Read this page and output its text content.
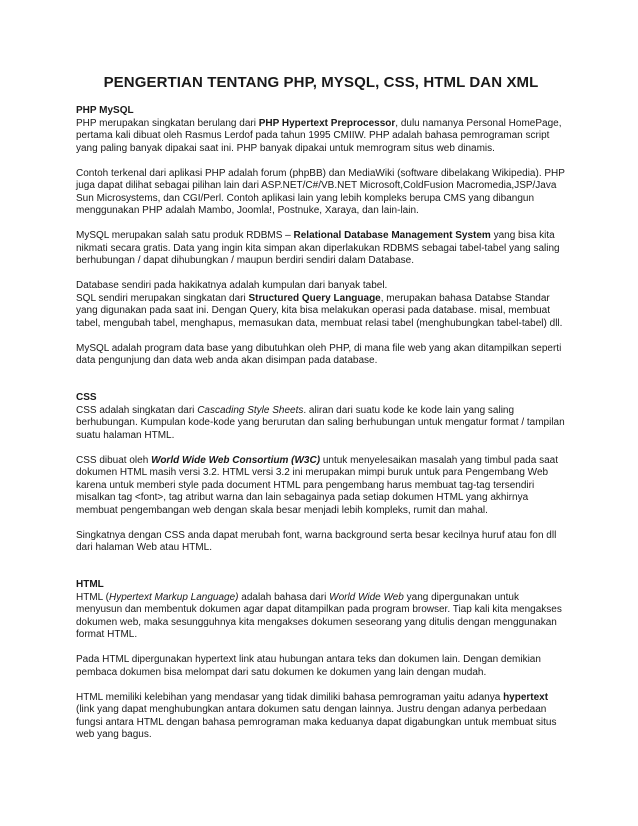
PENGERTIAN TENTANG PHP, MYSQL, CSS, HTML DAN XML
PHP MySQL

PHP merupakan singkatan berulang dari PHP Hypertext Preprocessor, dulu namanya Personal HomePage, pertama kali dibuat oleh Rasmus Lerdof pada tahun 1995 CMIIW. PHP adalah bahasa pemrograman script yang paling banyak dipakai saat ini. PHP banyak dipakai untuk memrogram situs web dinamis.

Contoh terkenal dari aplikasi PHP adalah forum (phpBB) dan MediaWiki (software dibelakang Wikipedia). PHP juga dapat dilihat sebagai pilihan lain dari ASP.NET/C#/VB.NET Microsoft,ColdFusion Macromedia,JSP/Java Sun Microsystems, dan CGI/Perl. Contoh aplikasi lain yang lebih kompleks berupa CMS yang dibangun menggunakan PHP adalah Mambo, Joomla!, Postnuke, Xaraya, dan lain-lain.

MySQL merupakan salah satu produk RDBMS – Relational Database Management System yang bisa kita nikmati secara gratis. Data yang ingin kita simpan akan diperlakukan RDBMS sebagai tabel-tabel yang saling berhubungan / dapat dihubungkan / maupun berdiri sendiri dalam Database.

Database sendiri pada hakikatnya adalah kumpulan dari banyak tabel.
SQL sendiri merupakan singkatan dari Structured Query Language, merupakan bahasa Databse Standar yang digunakan pada saat ini. Dengan Query, kita bisa melakukan operasi pada database. misal, membuat tabel, mengubah tabel, menghapus, memasukan data, membuat relasi tabel (menghubungkan tabel-tabel) dll.

MySQL adalah program data base yang dibutuhkan oleh PHP, di mana file web yang akan ditampilkan seperti data pengunjung dan data web anda akan disimpan pada database.

CSS

CSS adalah singkatan dari Cascading Style Sheets. aliran dari suatu kode ke kode lain yang saling berhubungan. Kumpulan kode-kode yang berurutan dan saling berhubungan untuk mengatur format / tampilan suatu halaman HTML.

CSS dibuat oleh World Wide Web Consortium (W3C) untuk menyelesaikan masalah yang timbul pada saat dokumen HTML masih versi 3.2. HTML versi 3.2 ini merupakan mimpi buruk untuk para Pengembang Web karena untuk memberi style pada document HTML para pengembang harus membuat tag-tag tersendiri misalkan tag <font>, tag atribut warna dan lain sebagainya pada setiap dokumen HTML yang akhirnya membuat pengembangan web dengan skala besar menjadi lebih kompleks, rumit dan mahal.

Singkatnya dengan CSS anda dapat merubah font, warna background serta besar kecilnya huruf atau fon dll dari halaman Web atau HTML.

HTML

HTML (Hypertext Markup Language) adalah bahasa dari World Wide Web yang dipergunakan untuk menyusun dan membentuk dokumen agar dapat ditampilkan pada program browser. Tiap kali kita mengakses dokumen web, maka sesungguhnya kita mengakses dokumen seseorang yang ditulis dengan menggunakan format HTML.

Pada HTML dipergunakan hypertext link atau hubungan antara teks dan dokumen lain. Dengan demikian pembaca dokumen bisa melompat dari satu dokumen ke dokumen yang lain dengan mudah.

HTML memiliki kelebihan yang mendasar yang tidak dimiliki bahasa pemrograman yaitu adanya hypertext (link yang dapat menghubungkan antara dokumen satu dengan lainnya. Justru dengan adanya perbedaan fungsi antara HTML dengan bahasa pemrograman maka keduanya dapat digabungkan untuk membuat situs web yang bagus.
